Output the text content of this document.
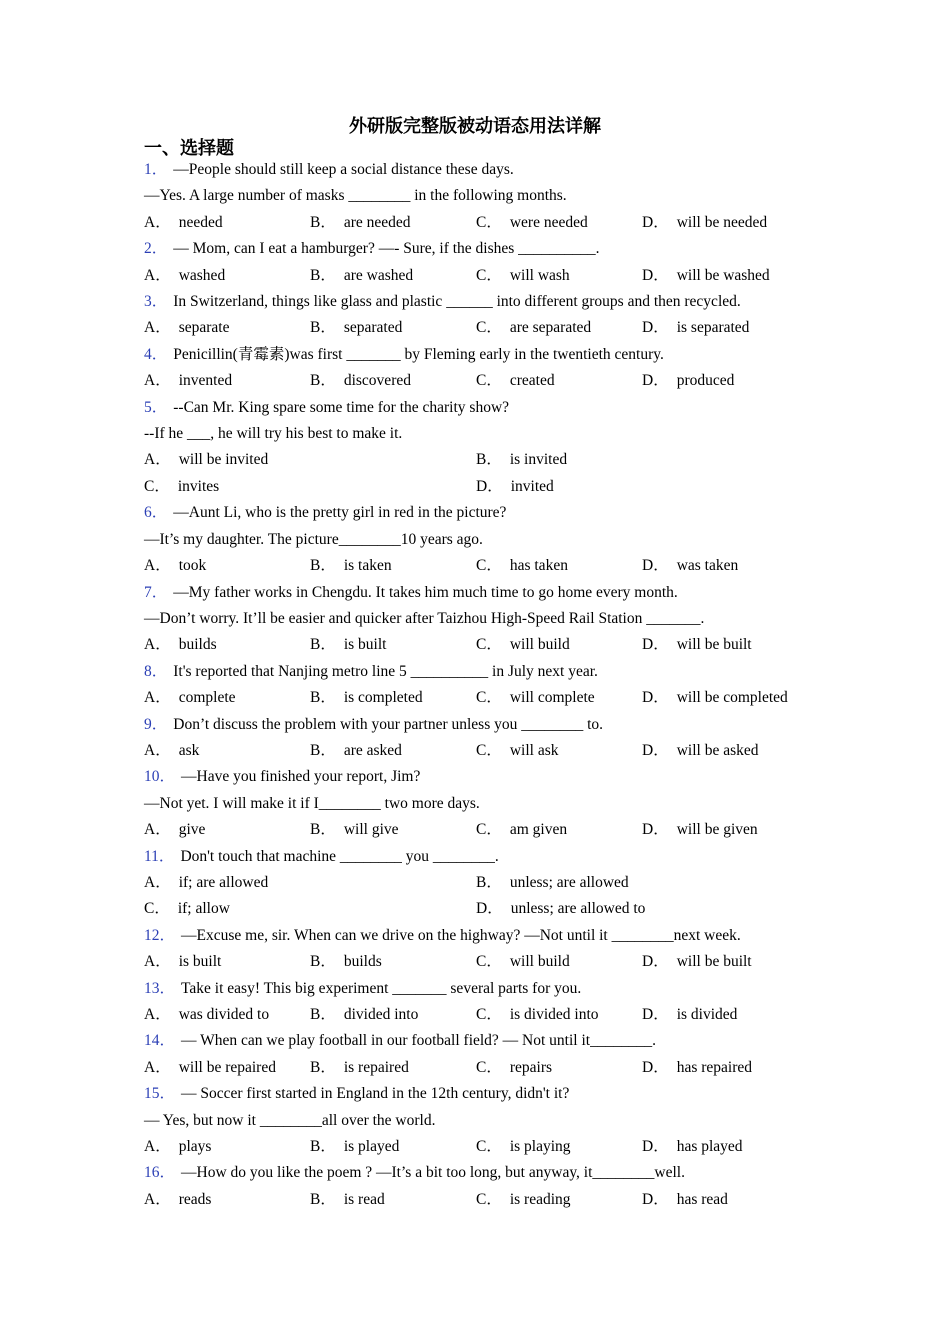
外研版完整版被动语态用法详解
一、选择题
1． —People should still keep a social distance these days.
—Yes. A large number of masks ________ in the following months.
A． needed	B． are needed	C． were needed	D． will be needed
2． — Mom, can I eat a hamburger? —- Sure, if the dishes __________.
A． washed	B． are washed	C． will wash	D． will be washed
3． In Switzerland, things like glass and plastic ______ into different groups and then recycled.
A． separate	B． separated	C． are separated	D． is separated
4． Penicillin(青霉素)was first _______ by Fleming early in the twentieth century.
A． invented	B． discovered	C． created	D． produced
5． --Can Mr. King spare some time for the charity show?
--If he ___, he will try his best to make it.
A． will be invited	B． is invited
C． invites	D． invited
6． —Aunt Li, who is the pretty girl in red in the picture?
—It’s my daughter. The picture________10 years ago.
A． took	B． is taken	C． has taken	D． was taken
7． —My father works in Chengdu. It takes him much time to go home every month.
—Don’t worry. It’ll be easier and quicker after Taizhou High-Speed Rail Station _______.
A． builds	B． is built	C． will build	D． will be built
8． It's reported that Nanjing metro line 5 __________ in July next year.
A． complete	B． is completed	C． will complete	D． will be completed
9． Don’t discuss the problem with your partner unless you ________ to.
A． ask	B． are asked	C． will ask	D． will be asked
10． —Have you finished your report, Jim?
—Not yet. I will make it if I________ two more days.
A． give	B． will give	C． am given	D． will be given
11． Don't touch that machine ________ you ________.
A． if; are allowed	B． unless; are allowed
C． if; allow	D． unless; are allowed to
12． —Excuse me, sir. When can we drive on the highway? —Not until it ________next week.
A． is built	B． builds	C． will build	D． will be built
13． Take it easy! This big experiment _______ several parts for you.
A． was divided to	B． divided into	C． is divided into	D． is divided
14． — When can we play football in our football field? — Not until it________.
A． will be repaired	B． is repaired	C． repairs	D． has repaired
15． — Soccer first started in England in the 12th century, didn't it?
— Yes, but now it ________all over the world.
A． plays	B． is played	C． is playing	D． has played
16． —How do you like the poem ? —It’s a bit too long, but anyway, it________well.
A． reads	B． is read	C． is reading	D． has read
